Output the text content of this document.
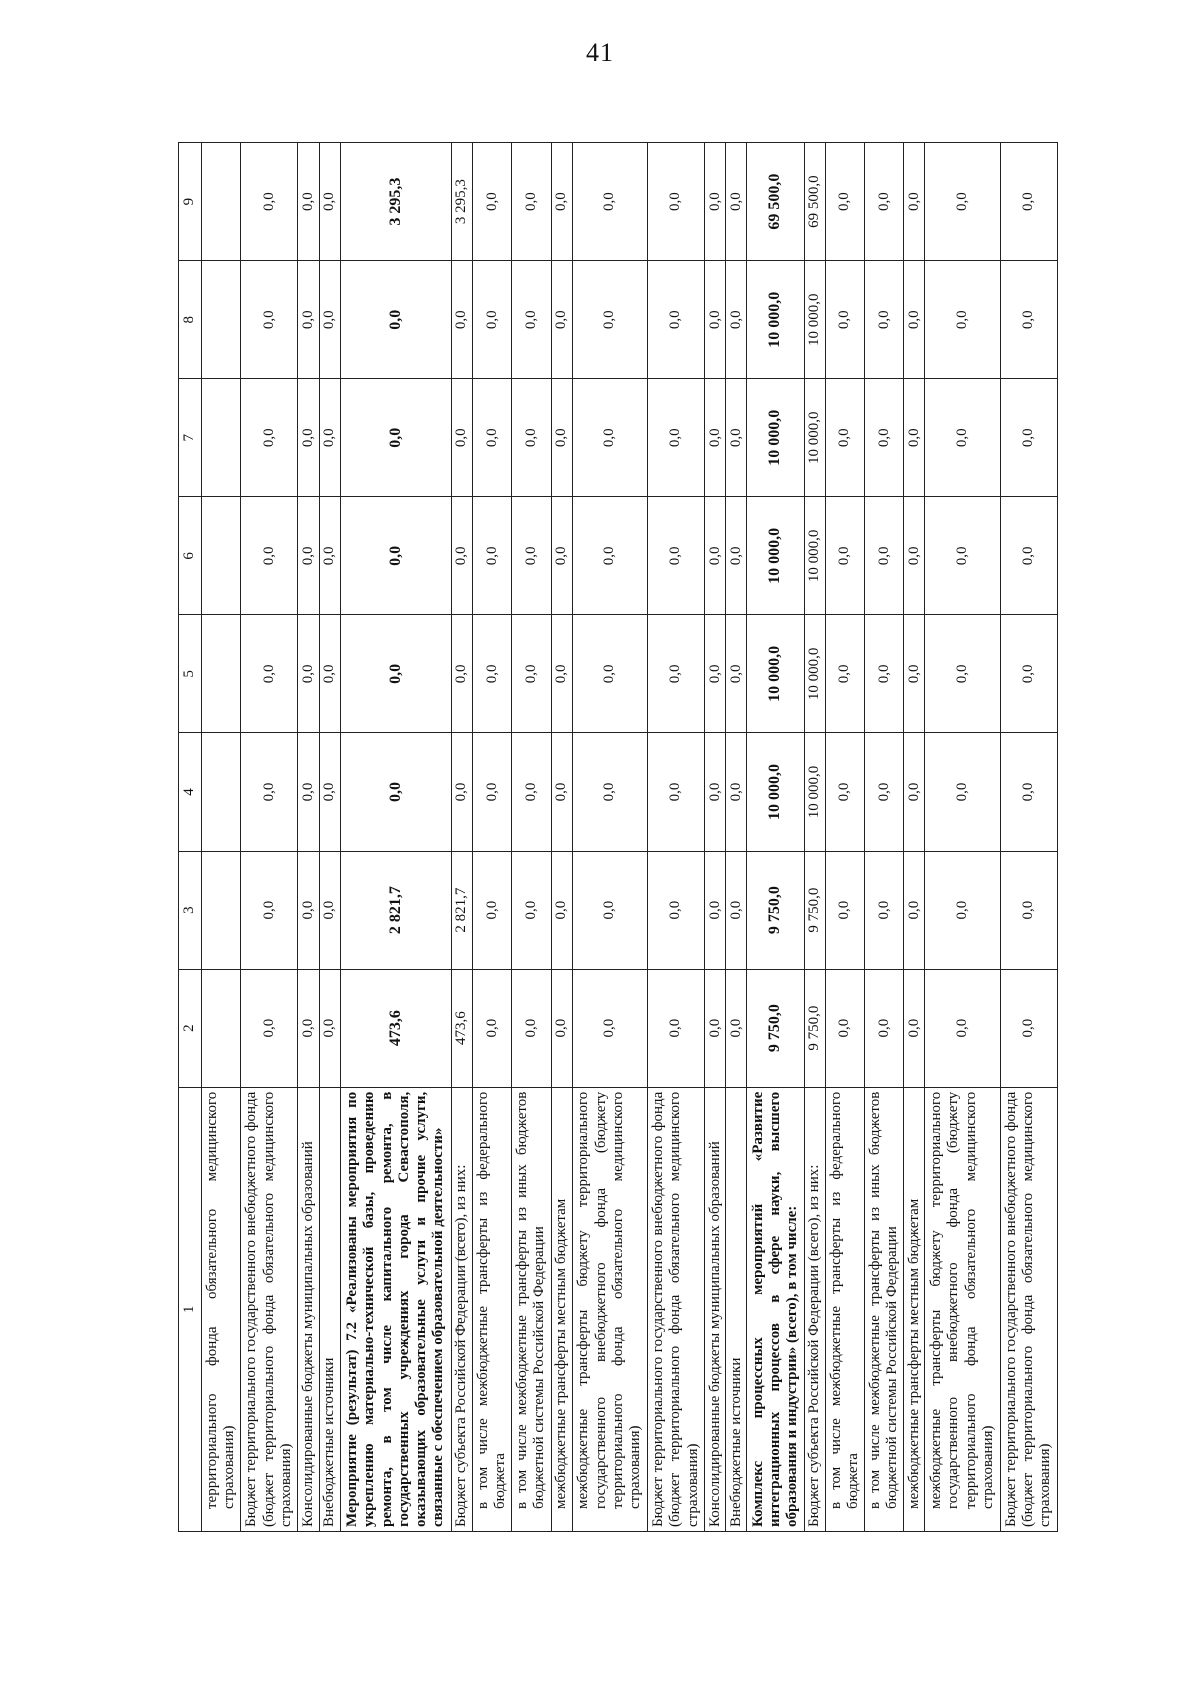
41
1	2	3	4	5	6	7	8	9
территориального фонда обязательного медицинского страхования)								
Бюджет территориального государственного внебюджетного фонда (бюджет территориального фонда обязательного медицинского страхования)	0,0	0,0	0,0	0,0	0,0	0,0	0,0	0,0
Консолидированные бюджеты муниципальных образований	0,0	0,0	0,0	0,0	0,0	0,0	0,0	0,0
Внебюджетные источники	0,0	0,0	0,0	0,0	0,0	0,0	0,0	0,0
Мероприятие (результат) 7.2 «Реализованы мероприятия по укреплению материально-технической базы, проведению ремонта, в том числе капитального ремонта, в государственных учреждениях города Севастополя, оказывающих образовательные услуги и прочие услуги, связанные с обеспечением образовательной деятельности»	473,6	2 821,7	0,0	0,0	0,0	0,0	0,0	3 295,3
Бюджет субъекта Российской Федерации (всего), из них:	473,6	2 821,7	0,0	0,0	0,0	0,0	0,0	3 295,3
в том числе межбюджетные трансферты из федерального бюджета	0,0	0,0	0,0	0,0	0,0	0,0	0,0	0,0
в том числе межбюджетные трансферты из иных бюджетов бюджетной системы Российской Федерации	0,0	0,0	0,0	0,0	0,0	0,0	0,0	0,0
межбюджетные трансферты местным бюджетам	0,0	0,0	0,0	0,0	0,0	0,0	0,0	0,0
межбюджетные трансферты бюджету территориального государственного внебюджетного фонда (бюджету территориального фонда обязательного медицинского страхования)	0,0	0,0	0,0	0,0	0,0	0,0	0,0	0,0
Бюджет территориального государственного внебюджетного фонда (бюджет территориального фонда обязательного медицинского страхования)	0,0	0,0	0,0	0,0	0,0	0,0	0,0	0,0
Консолидированные бюджеты муниципальных образований	0,0	0,0	0,0	0,0	0,0	0,0	0,0	0,0
Внебюджетные источники	0,0	0,0	0,0	0,0	0,0	0,0	0,0	0,0
Комплекс процессных мероприятий «Развитие интеграционных процессов в сфере науки, высшего образования и индустрии» (всего), в том числе:	9 750,0	9 750,0	10 000,0	10 000,0	10 000,0	10 000,0	10 000,0	69 500,0
Бюджет субъекта Российской Федерации (всего), из них:	9 750,0	9 750,0	10 000,0	10 000,0	10 000,0	10 000,0	10 000,0	69 500,0
в том числе межбюджетные трансферты из федерального бюджета	0,0	0,0	0,0	0,0	0,0	0,0	0,0	0,0
в том числе межбюджетные трансферты из иных бюджетов бюджетной системы Российской Федерации	0,0	0,0	0,0	0,0	0,0	0,0	0,0	0,0
межбюджетные трансферты местным бюджетам	0,0	0,0	0,0	0,0	0,0	0,0	0,0	0,0
межбюджетные трансферты бюджету территориального государственного внебюджетного фонда (бюджету территориального фонда обязательного медицинского страхования)	0,0	0,0	0,0	0,0	0,0	0,0	0,0	0,0
Бюджет территориального государственного внебюджетного фонда (бюджет территориального фонда обязательного медицинского страхования)	0,0	0,0	0,0	0,0	0,0	0,0	0,0	0,0
